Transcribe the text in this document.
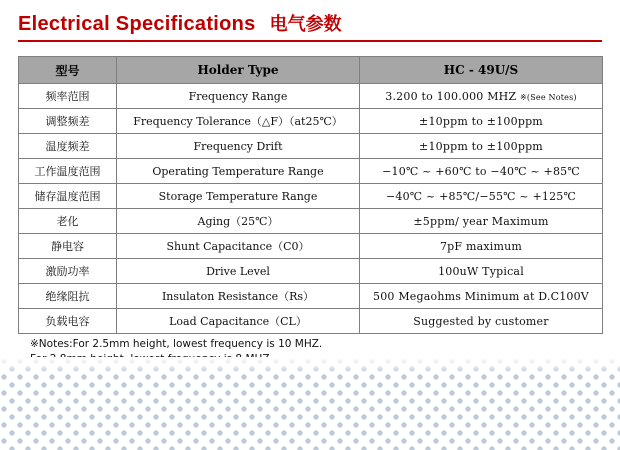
Electrical Specifications 电气参数
型号	Holder Type	HC - 49U/S
频率范围	Frequency Range	3.200 to 100.000 MHZ ※(See Notes)
调整频差	Frequency Tolerance（△F）（at25℃）	±10ppm to ±100ppm
温度频差	Frequency Drift	±10ppm to ±100ppm
工作温度范围	Operating Temperature Range	−10℃ ~ +60℃ to −40℃ ~ +85℃
储存温度范围	Storage Temperature Range	−40℃ ~ +85℃/−55℃ ~ +125℃
老化	Aging（25℃）	±5ppm/ year Maximum
静电容	Shunt Capacitance（C0）	7pF maximum
激励功率	Drive Level	100uW Typical
绝缘阻抗	Insulaton Resistance（Rs）	500 Megaohms Minimum at D.C100V
负载电容	Load Capacitance（CL）	Suggested by customer
※Notes:For 2.5mm height, lowest frequency is 10 MHZ.
